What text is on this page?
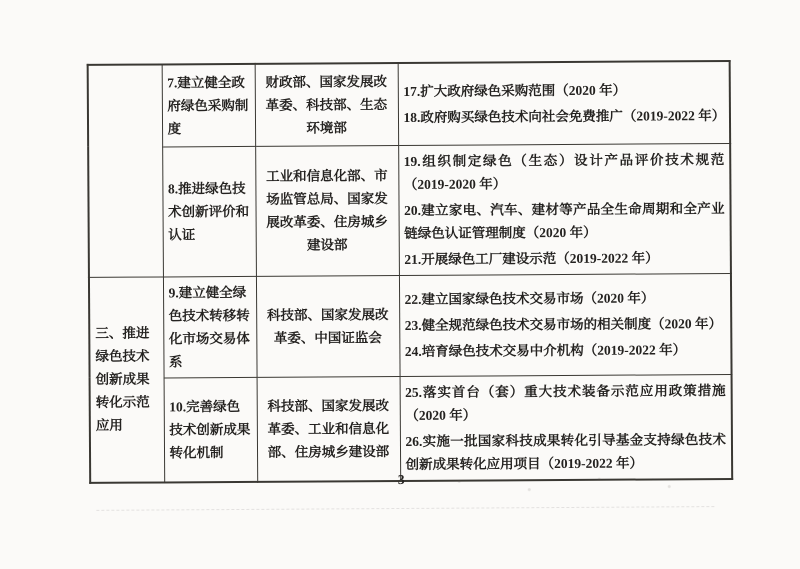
	7.建立健全政府绿色采购制度	财政部、国家发展改革委、科技部、生态环境部	17.扩大政府绿色采购范围（2020 年）

18.政府购买绿色技术向社会免费推广（2019-2022 年）

	8.推进绿色技术创新评价和认证	工业和信息化部、市场监管总局、国家发展改革委、住房城乡建设部	19.组织制定绿色（生态）设计产品评价技术规范（2019-2020 年）

20.建立家电、汽车、建材等产品全生命周期和全产业链绿色认证管理制度（2020 年）

21.开展绿色工厂建设示范（2019-2022 年）

三、推进绿色技术创新成果转化示范应用	9.建立健全绿色技术转移转化市场交易体系	科技部、国家发展改革委、中国证监会	22.建立国家绿色技术交易市场（2020 年）

23.健全规范绿色技术交易市场的相关制度（2020 年）

24.培育绿色技术交易中介机构（2019-2022 年）

	10.完善绿色技术创新成果转化机制	科技部、国家发展改革委、工业和信息化部、住房城乡建设部	25.落实首台（套）重大技术装备示范应用政策措施（2020 年）

26.实施一批国家科技成果转化引导基金支持绿色技术创新成果转化应用项目（2019-2022 年）

3
